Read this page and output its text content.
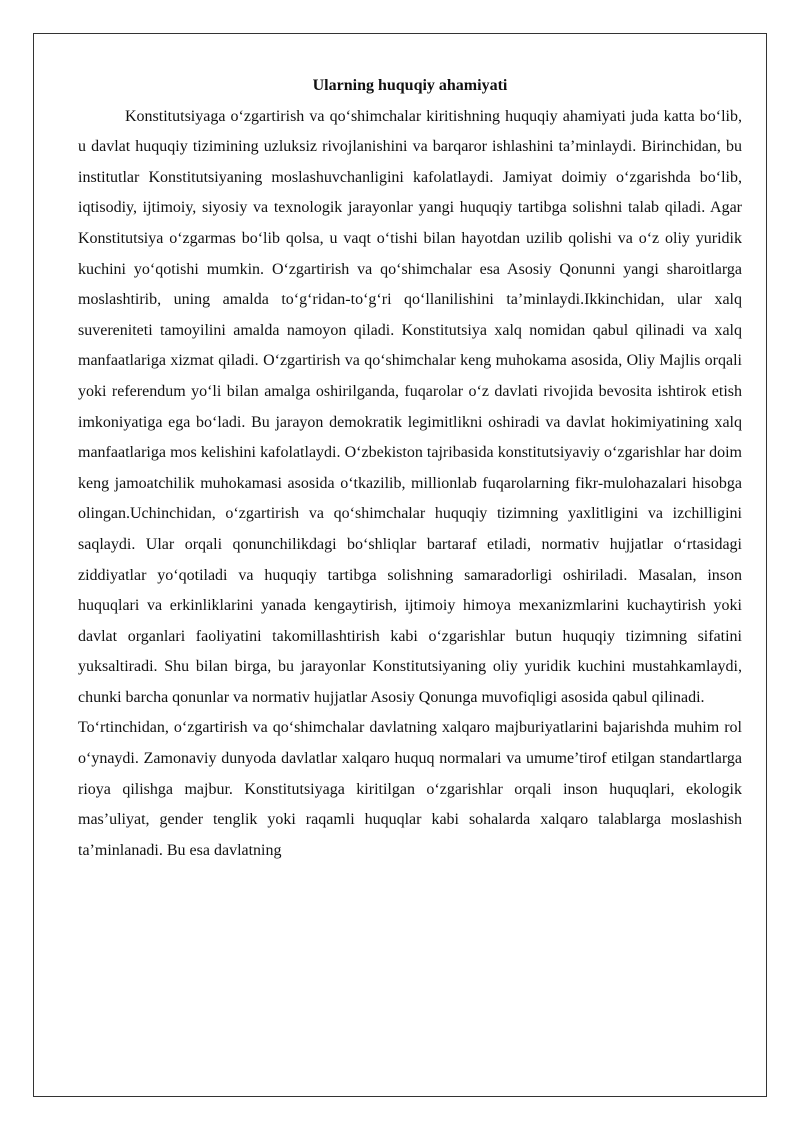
Ularning huquqiy ahamiyati

Konstitutsiyaga o‘zgartirish va qo‘shimchalar kiritishning huquqiy ahamiyati juda katta bo‘lib, u davlat huquqiy tizimining uzluksiz rivojlanishini va barqaror ishlashini ta’minlaydi. Birinchidan, bu institutlar Konstitutsiyaning moslashuvchanligini kafolatlaydi. Jamiyat doimiy o‘zgarishda bo‘lib, iqtisodiy, ijtimoiy, siyosiy va texnologik jarayonlar yangi huquqiy tartibga solishni talab qiladi. Agar Konstitutsiya o‘zgarmas bo‘lib qolsa, u vaqt o‘tishi bilan hayotdan uzilib qolishi va o‘z oliy yuridik kuchini yo‘qotishi mumkin. O‘zgartirish va qo‘shimchalar esa Asosiy Qonunni yangi sharoitlarga moslashtirib, uning amalda to‘g‘ridan-to‘g‘ri qo‘llanilishini ta’minlaydi.Ikkinchidan, ular xalq suvereniteti tamoyilini amalda namoyon qiladi. Konstitutsiya xalq nomidan qabul qilinadi va xalq manfaatlariga xizmat qiladi. O‘zgartirish va qo‘shimchalar keng muhokama asosida, Oliy Majlis orqali yoki referendum yo‘li bilan amalga oshirilganda, fuqarolar o‘z davlati rivojida bevosita ishtirok etish imkoniyatiga ega bo‘ladi. Bu jarayon demokratik legimitlikni oshiradi va davlat hokimiyatining xalq manfaatlariga mos kelishini kafolatlaydi. O‘zbekiston tajribasida konstitutsiyaviy o‘zgarishlar har doim keng jamoatchilik muhokamasi asosida o‘tkazilib, millionlab fuqarolarning fikr-mulohazalari hisobga olingan.Uchinchidan, o‘zgartirish va qo‘shimchalar huquqiy tizimning yaxlitligini va izchilligini saqlaydi. Ular orqali qonunchilikdagi bo‘shliqlar bartaraf etiladi, normativ hujjatlar o‘rtasidagi ziddiyatlar yo‘qotiladi va huquqiy tartibga solishning samaradorligi oshiriladi. Masalan, inson huquqlari va erkinliklarini yanada kengaytirish, ijtimoiy himoya mexanizmlarini kuchaytirish yoki davlat organlari faoliyatini takomillashtirish kabi o‘zgarishlar butun huquqiy tizimning sifatini yuksaltiradi. Shu bilan birga, bu jarayonlar Konstitutsiyaning oliy yuridik kuchini mustahkamlaydi, chunki barcha qonunlar va normativ hujjatlar Asosiy Qonunga muvofiqligi asosida qabul qilinadi.

To‘rtinchidan, o‘zgartirish va qo‘shimchalar davlatning xalqaro majburiyatlarini bajarishda muhim rol o‘ynaydi. Zamonaviy dunyoda davlatlar xalqaro huquq normalari va umume’tirof etilgan standartlarga rioya qilishga majbur. Konstitutsiyaga kiritilgan o‘zgarishlar orqali inson huquqlari, ekologik mas’uliyat, gender tenglik yoki raqamli huquqlar kabi sohalarda xalqaro talablarga moslashish ta’minlanadi. Bu esa davlatning
